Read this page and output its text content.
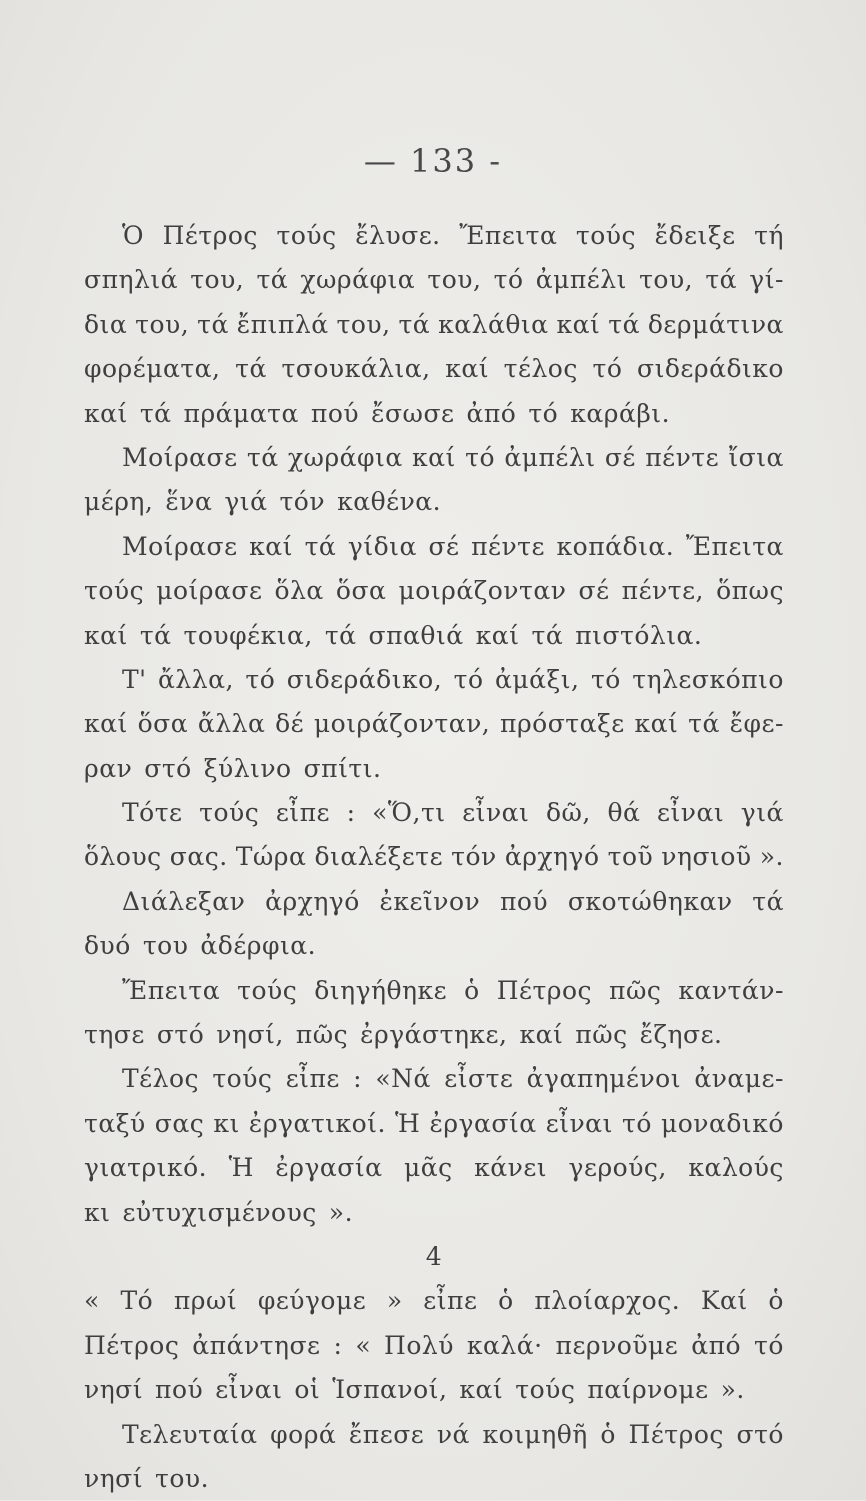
— 133 -
Ὁ Πέτρος τούς ἔλυσε. Ἔπειτα τούς ἔδειξε τή
σπηλιά του, τά χωράφια του, τό ἀμπέλι του, τά γί-
δια του, τά ἔπιπλά του, τά καλάθια καί τά δερμάτινα
φορέματα, τά τσουκάλια, καί τέλος τό σιδεράδικο
καί τά πράματα πού ἔσωσε ἀπό τό καράβι.
Μοίρασε τά χωράφια καί τό ἀμπέλι σέ πέντε ἴσια
μέρη, ἕνα γιά τόν καθένα.
Μοίρασε καί τά γίδια σέ πέντε κοπάδια. Ἔπειτα
τούς μοίρασε ὅλα ὅσα μοιράζονταν σέ πέντε, ὅπως
καί τά τουφέκια, τά σπαθιά καί τά πιστόλια.
Τ' ἄλλα, τό σιδεράδικο, τό ἀμάξι, τό τηλεσκόπιο
καί ὅσα ἄλλα δέ μοιράζονταν, πρόσταξε καί τά ἔφε-
ραν στό ξύλινο σπίτι.
Τότε τούς εἶπε : «Ὅ,τι εἶναι δῶ, θά εἶναι γιά
ὅλους σας. Τώρα διαλέξετε τόν ἀρχηγό τοῦ νησιοῦ ».
Διάλεξαν ἀρχηγό ἐκεῖνον πού σκοτώθηκαν τά
δυό του ἀδέρφια.
Ἔπειτα τούς διηγήθηκε ὁ Πέτρος πῶς καντάν-
τησε στό νησί, πῶς ἐργάστηκε, καί πῶς ἔζησε.
Τέλος τούς εἶπε : «Νά εἶστε ἀγαπημένοι ἀναμε-
ταξύ σας κι ἐργατικοί. Ἡ ἐργασία εἶναι τό μοναδικό
γιατρικό. Ἡ ἐργασία μᾶς κάνει γερούς, καλούς
κι εὐτυχισμένους ».
4
« Τό πρωί φεύγομε » εἶπε ὁ πλοίαρχος. Καί ὁ
Πέτρος ἀπάντησε : « Πολύ καλά· περνοῦμε ἀπό τό
νησί πού εἶναι οἱ Ἱσπανοί, καί τούς παίρνομε ».
Τελευταία φορά ἔπεσε νά κοιμηθῆ ὁ Πέτρος στό
νησί του.
